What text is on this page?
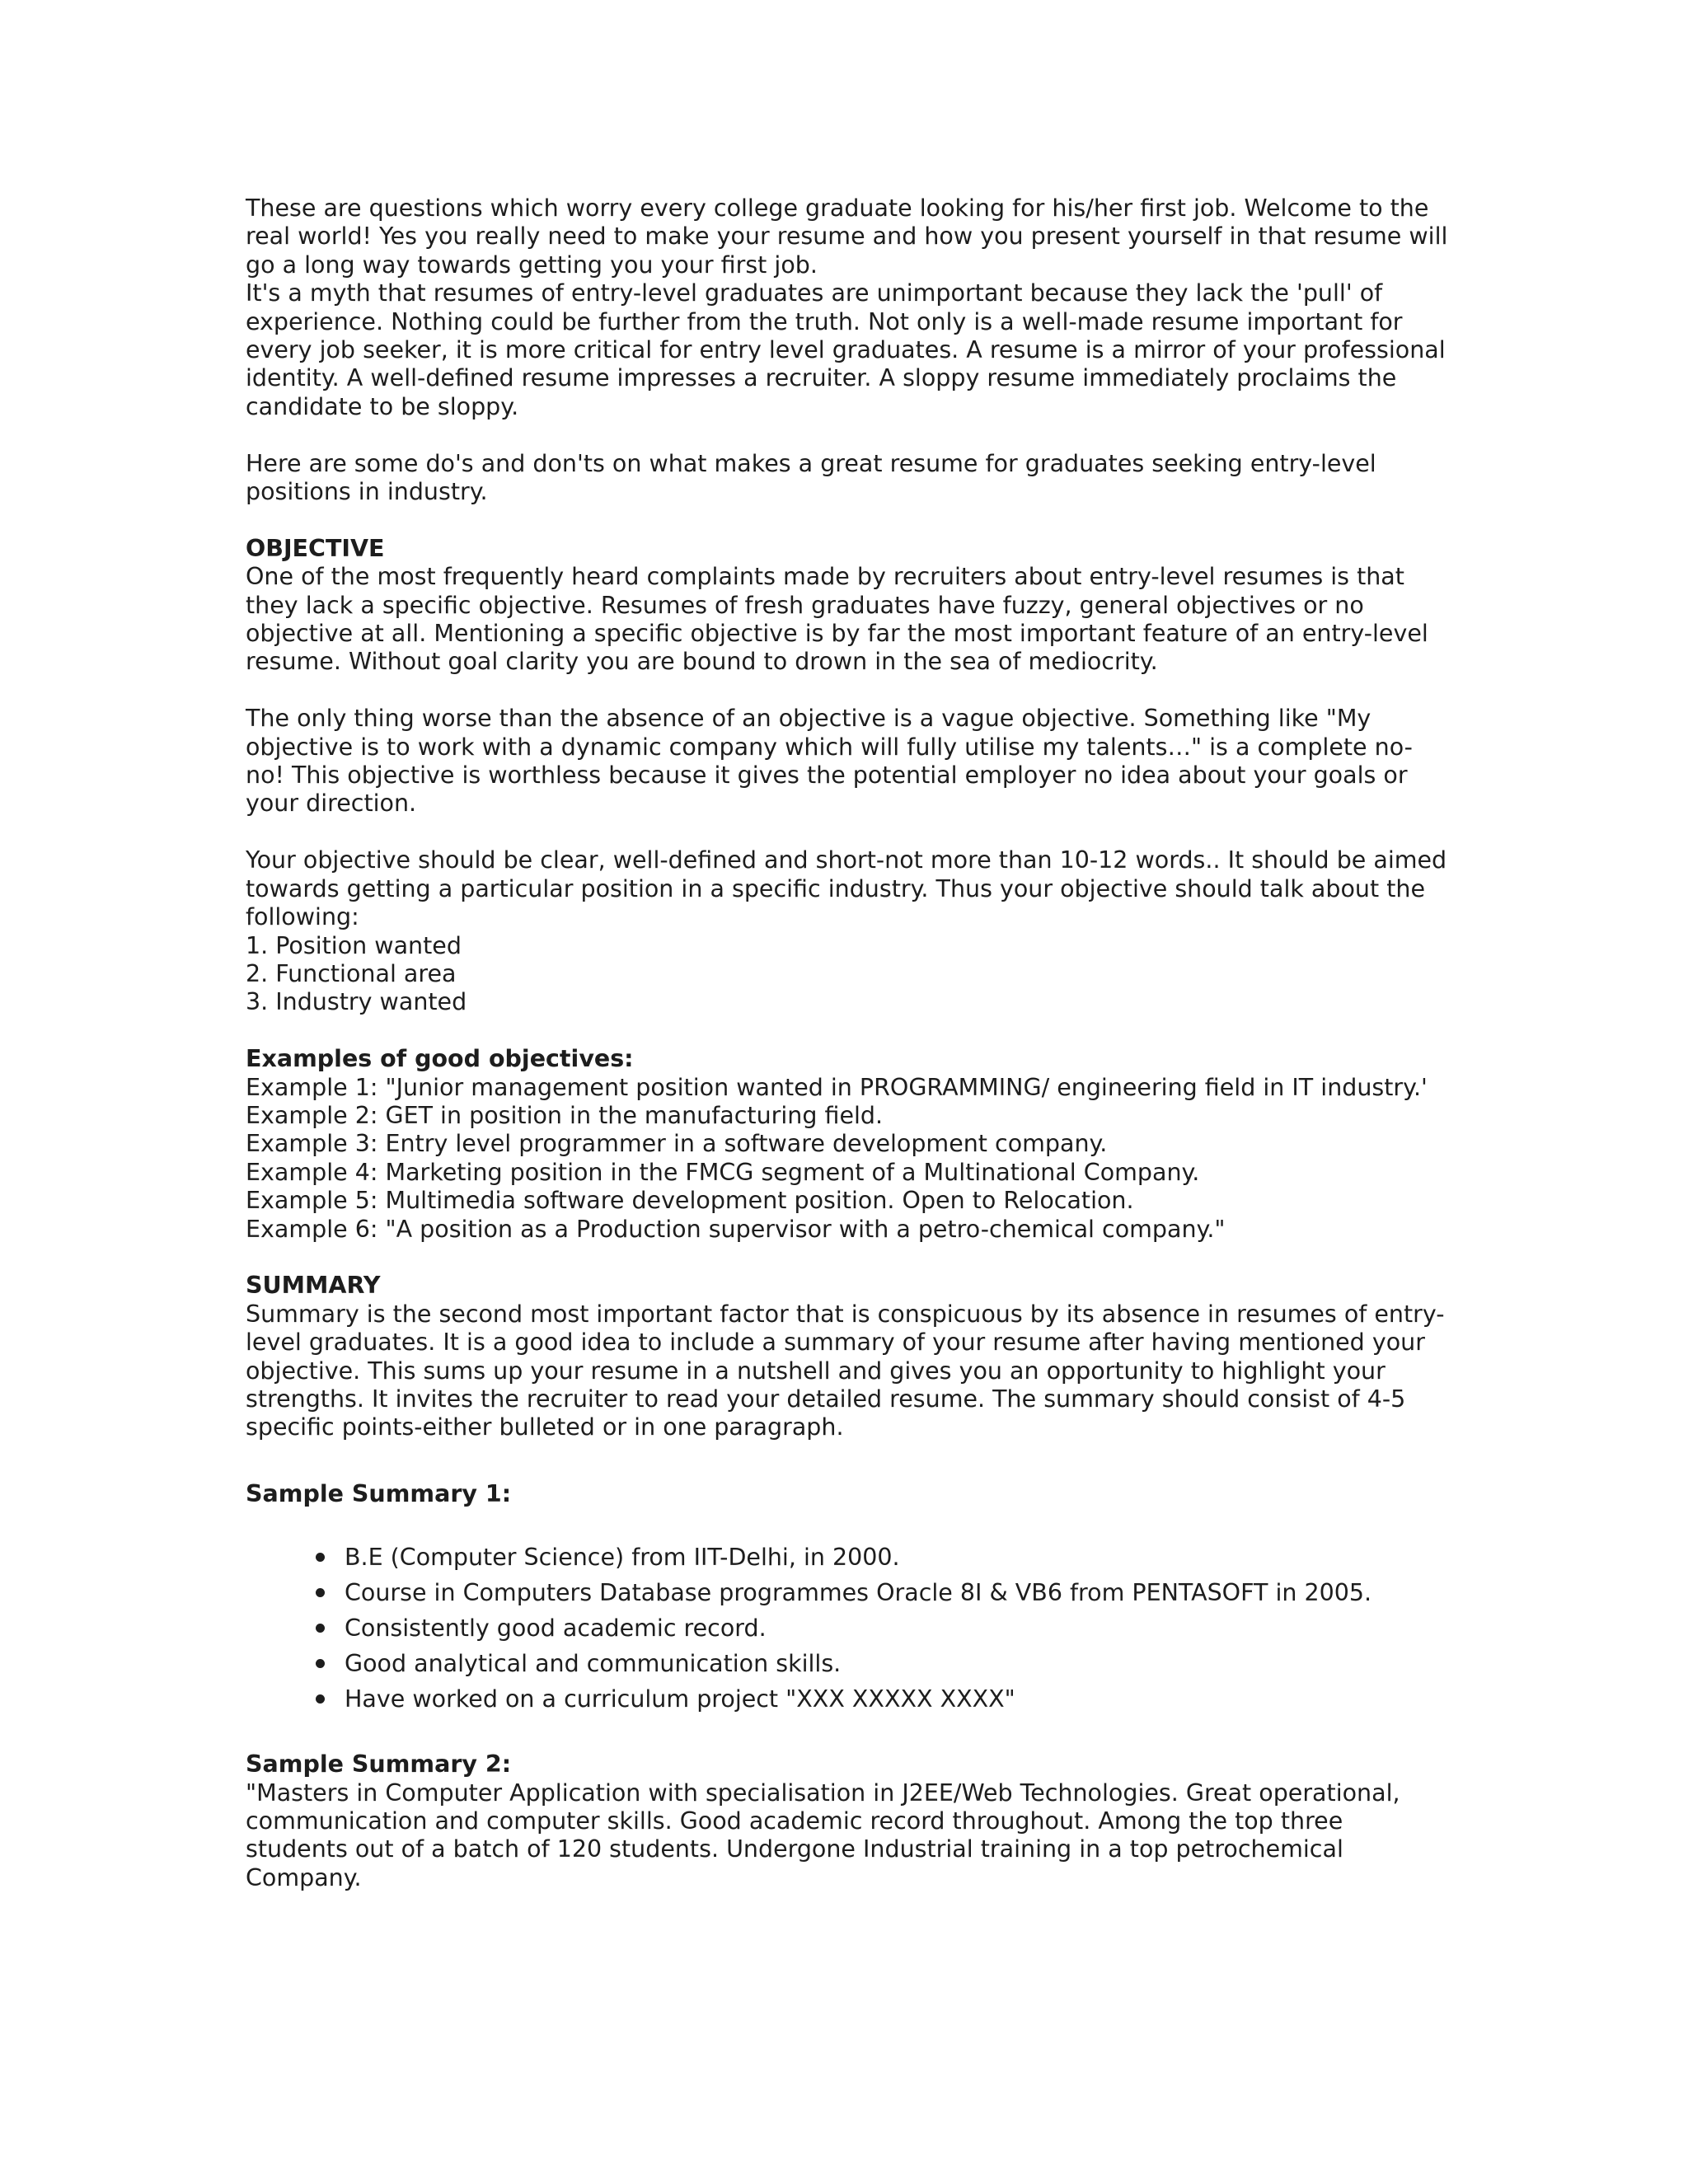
These are questions which worry every college graduate looking for his/her first job. Welcome to the real world! Yes you really need to make your resume and how you present yourself in that resume will go a long way towards getting you your first job.

It's a myth that resumes of entry-level graduates are unimportant because they lack the 'pull' of experience. Nothing could be further from the truth. Not only is a well-made resume important for every job seeker, it is more critical for entry level graduates. A resume is a mirror of your professional identity. A well-defined resume impresses a recruiter. A sloppy resume immediately proclaims the candidate to be sloppy.

Here are some do's and don'ts on what makes a great resume for graduates seeking entry-level positions in industry.

OBJECTIVE

One of the most frequently heard complaints made by recruiters about entry-level resumes is that they lack a specific objective. Resumes of fresh graduates have fuzzy, general objectives or no objective at all. Mentioning a specific objective is by far the most important feature of an entry-level resume. Without goal clarity you are bound to drown in the sea of mediocrity.

The only thing worse than the absence of an objective is a vague objective. Something like "My objective is to work with a dynamic company which will fully utilise my talents…" is a complete no-no! This objective is worthless because it gives the potential employer no idea about your goals or your direction.

Your objective should be clear, well-defined and short-not more than 10-12 words.. It should be aimed towards getting a particular position in a specific industry. Thus your objective should talk about the following:

1. Position wanted

2. Functional area

3. Industry wanted

Examples of good objectives:

Example 1: "Junior management position wanted in PROGRAMMING/ engineering field in IT industry.'

Example 2: GET in position in the manufacturing field.

Example 3: Entry level programmer in a software development company.

Example 4: Marketing position in the FMCG segment of a Multinational Company.

Example 5: Multimedia software development position. Open to Relocation.

Example 6: "A position as a Production supervisor with a petro-chemical company."

SUMMARY

Summary is the second most important factor that is conspicuous by its absence in resumes of entry-level graduates. It is a good idea to include a summary of your resume after having mentioned your objective. This sums up your resume in a nutshell and gives you an opportunity to highlight your strengths. It invites the recruiter to read your detailed resume. The summary should consist of 4-5 specific points-either bulleted or in one paragraph.

Sample Summary 1:

B.E (Computer Science) from IIT-Delhi, in 2000.
Course in Computers Database programmes Oracle 8I & VB6 from PENTASOFT in 2005.
Consistently good academic record.
Good analytical and communication skills.
Have worked on a curriculum project "XXX XXXXX XXXX"

Sample Summary 2:

"Masters in Computer Application with specialisation in J2EE/Web Technologies. Great operational, communication and computer skills. Good academic record throughout. Among the top three students out of a batch of 120 students. Undergone Industrial training in a top petrochemical Company.
